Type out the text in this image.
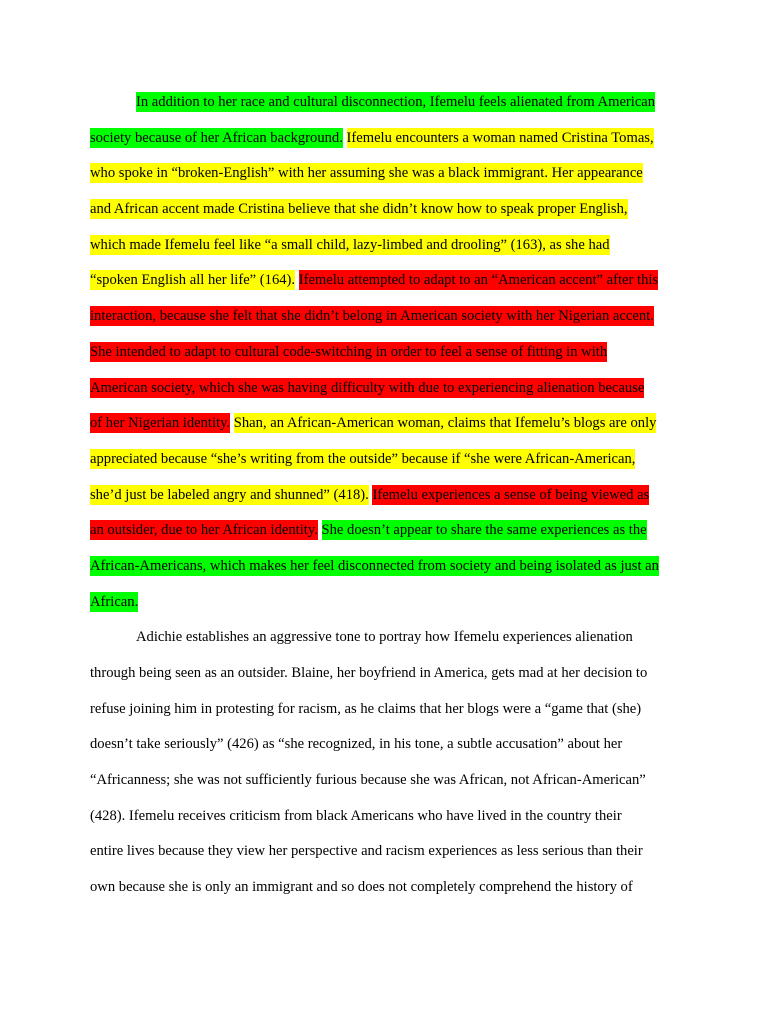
In addition to her race and cultural disconnection, Ifemelu feels alienated from American
society because of her African background. Ifemelu encounters a woman named Cristina Tomas,
who spoke in “broken-English” with her assuming she was a black immigrant. Her appearance
and African accent made Cristina believe that she didn’t know how to speak proper English,
which made Ifemelu feel like “a small child, lazy-limbed and drooling” (163), as she had
“spoken English all her life” (164). Ifemelu attempted to adapt to an “American accent” after this
interaction, because she felt that she didn’t belong in American society with her Nigerian accent.
She intended to adapt to cultural code-switching in order to feel a sense of fitting in with
American society, which she was having difficulty with due to experiencing alienation because
of her Nigerian identity. Shan, an African-American woman, claims that Ifemelu’s blogs are only
appreciated because “she’s writing from the outside” because if “she were African-American,
she’d just be labeled angry and shunned” (418). Ifemelu experiences a sense of being viewed as
an outsider, due to her African identity. She doesn’t appear to share the same experiences as the
African-Americans, which makes her feel disconnected from society and being isolated as just an
African.
Adichie establishes an aggressive tone to portray how Ifemelu experiences alienation
through being seen as an outsider. Blaine, her boyfriend in America, gets mad at her decision to
refuse joining him in protesting for racism, as he claims that her blogs were a “game that (she)
doesn’t take seriously” (426) as “she recognized, in his tone, a subtle accusation” about her
“Africanness; she was not sufficiently furious because she was African, not African-American”
(428). Ifemelu receives criticism from black Americans who have lived in the country their
entire lives because they view her perspective and racism experiences as less serious than their
own because she is only an immigrant and so does not completely comprehend the history of
